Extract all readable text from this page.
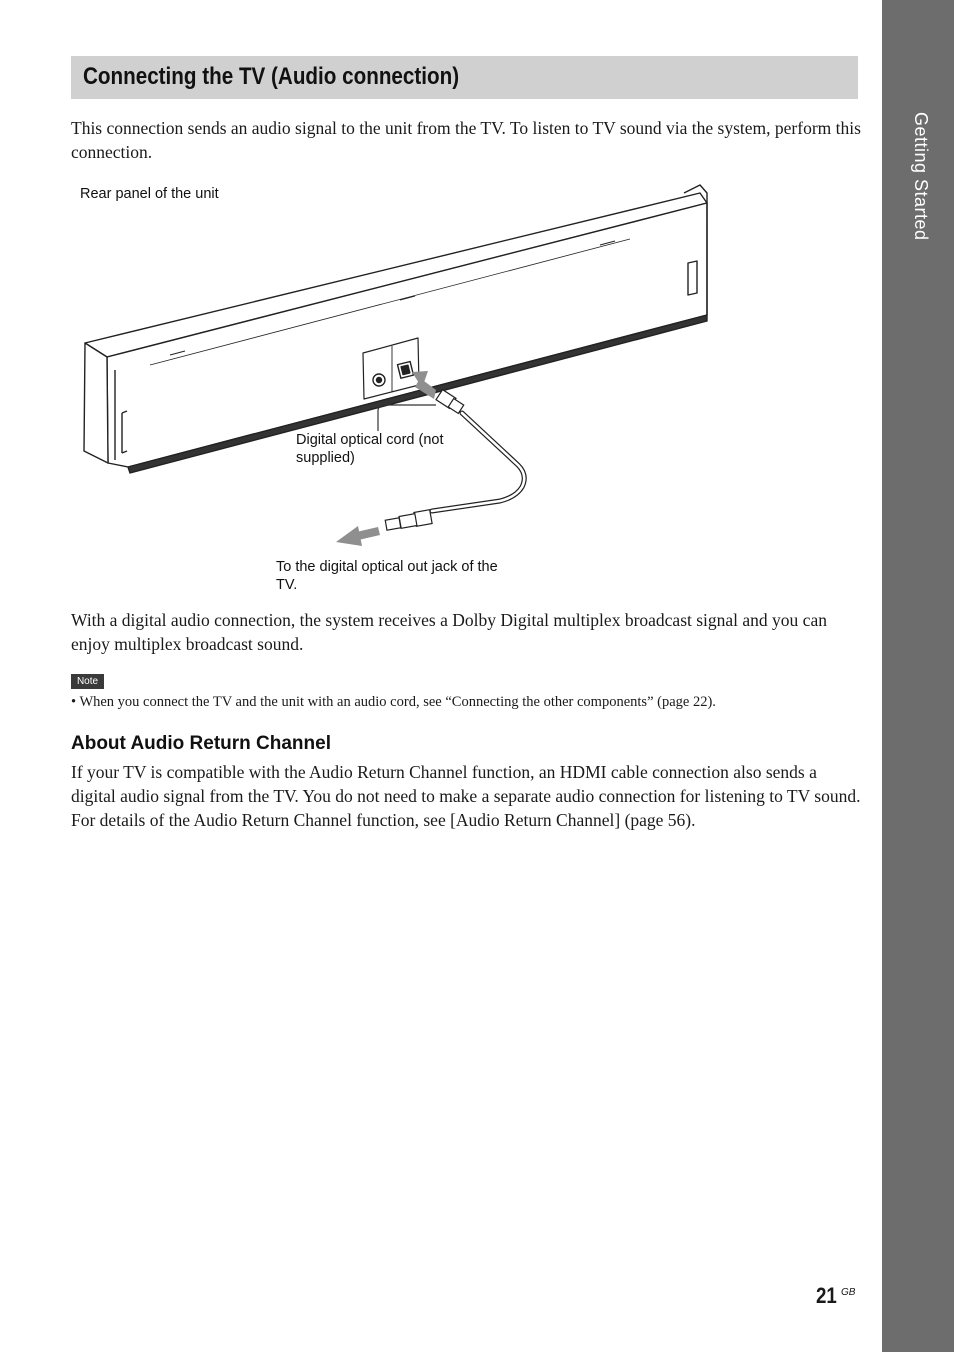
Getting Started
Connecting the TV (Audio connection)

This connection sends an audio signal to the unit from the TV. To listen to TV sound via the system, perform this connection.

Rear panel of the unit

Digital optical cord (not supplied)

To the digital optical out jack of the TV.

With a digital audio connection, the system receives a Dolby Digital multiplex broadcast signal and you can enjoy multiplex broadcast sound.

Note

• When you connect the TV and the unit with an audio cord, see “Connecting the other components” (page 22).

About Audio Return Channel

If your TV is compatible with the Audio Return Channel function, an HDMI cable connection also sends a digital audio signal from the TV. You do not need to make a separate audio connection for listening to TV sound. For details of the Audio Return Channel function, see [Audio Return Channel] (page 56).

21 GB
